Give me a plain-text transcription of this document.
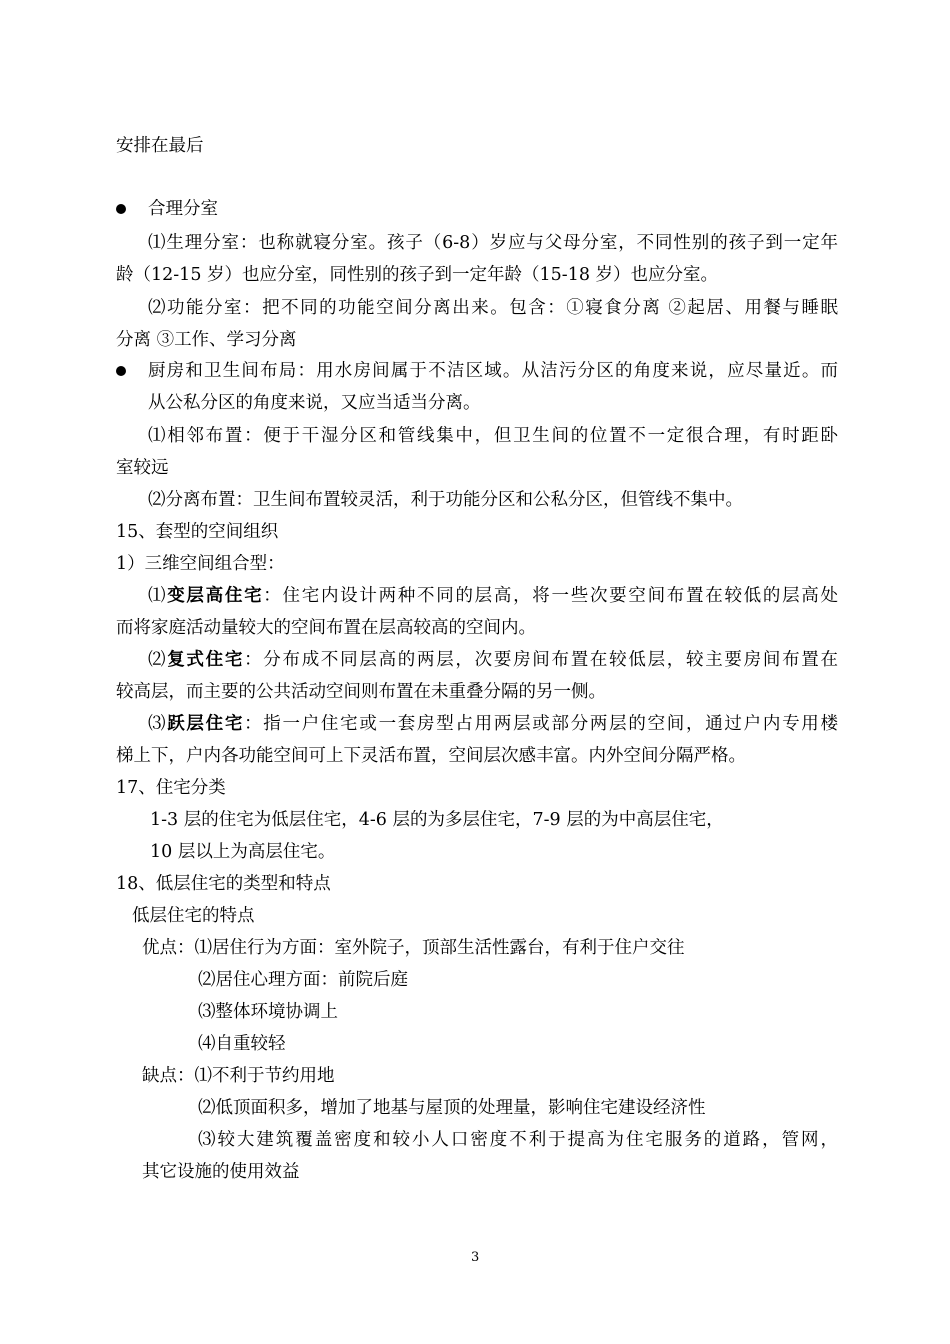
安排在最后
合理分室
⑴生理分室：也称就寝分室。孩子（6-8）岁应与父母分室，不同性别的孩子到一定年
龄（12-15 岁）也应分室，同性别的孩子到一定年龄（15-18 岁）也应分室。
⑵功能分室：把不同的功能空间分离出来。包含：①寝食分离 ②起居、用餐与睡眠
分离 ③工作、学习分离
厨房和卫生间布局：用水房间属于不洁区域。从洁污分区的角度来说，应尽量近。而
从公私分区的角度来说，又应当适当分离。
⑴相邻布置：便于干湿分区和管线集中，但卫生间的位置不一定很合理，有时距卧
室较远
⑵分离布置：卫生间布置较灵活，利于功能分区和公私分区，但管线不集中。
15、套型的空间组织
1）三维空间组合型：
⑴变层高住宅：住宅内设计两种不同的层高，将一些次要空间布置在较低的层高处
而将家庭活动量较大的空间布置在层高较高的空间内。
⑵复式住宅：分布成不同层高的两层，次要房间布置在较低层，较主要房间布置在
较高层，而主要的公共活动空间则布置在未重叠分隔的另一侧。
⑶跃层住宅：指一户住宅或一套房型占用两层或部分两层的空间，通过户内专用楼
梯上下，户内各功能空间可上下灵活布置，空间层次感丰富。内外空间分隔严格。
17、住宅分类
1-3 层的住宅为低层住宅，4-6 层的为多层住宅，7-9 层的为中高层住宅，
10 层以上为高层住宅。
18、低层住宅的类型和特点
低层住宅的特点
优点：⑴居住行为方面：室外院子，顶部生活性露台，有利于住户交往
⑵居住心理方面：前院后庭
⑶整体环境协调上
⑷自重较轻
缺点：⑴不利于节约用地
⑵低顶面积多，增加了地基与屋顶的处理量，影响住宅建设经济性
⑶较大建筑覆盖密度和较小人口密度不利于提高为住宅服务的道路，管网，
其它设施的使用效益
3
